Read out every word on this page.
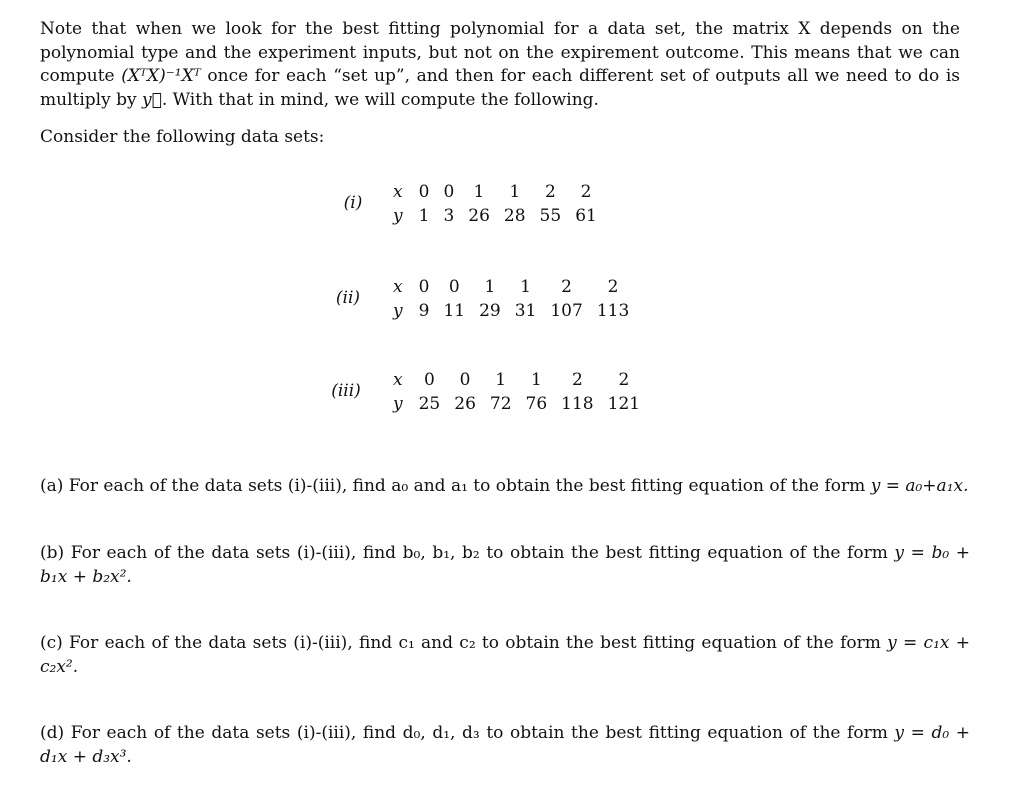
Note that when we look for the best fitting polynomial for a data set, the matrix X depends on the polynomial type and the experiment inputs, but not on the expirement outcome. This means that we can compute (XᵀX)⁻¹Xᵀ once for each “set up”, and then for each different set of outputs all we need to do is multiply by y⃗. With that in mind, we will compute the following.

Consider the following data sets:

(i)
x	0	0	1	1	2	2
y	1	3	26	28	55	61
(ii)
x	0	0	1	1	2	2
y	9	11	29	31	107	113
(iii)
x	0	0	1	1	2	2
y	25	26	72	76	118	121

(a) For each of the data sets (i)-(iii), find a₀ and a₁ to obtain the best fitting equation of the form y = a₀+a₁x.

(b) For each of the data sets (i)-(iii), find b₀, b₁, b₂ to obtain the best fitting equation of the form y = b₀ + b₁x + b₂x².

(c) For each of the data sets (i)-(iii), find c₁ and c₂ to obtain the best fitting equation of the form y = c₁x + c₂x².

(d) For each of the data sets (i)-(iii), find d₀, d₁, d₃ to obtain the best fitting equation of the form y = d₀ + d₁x + d₃x³.
